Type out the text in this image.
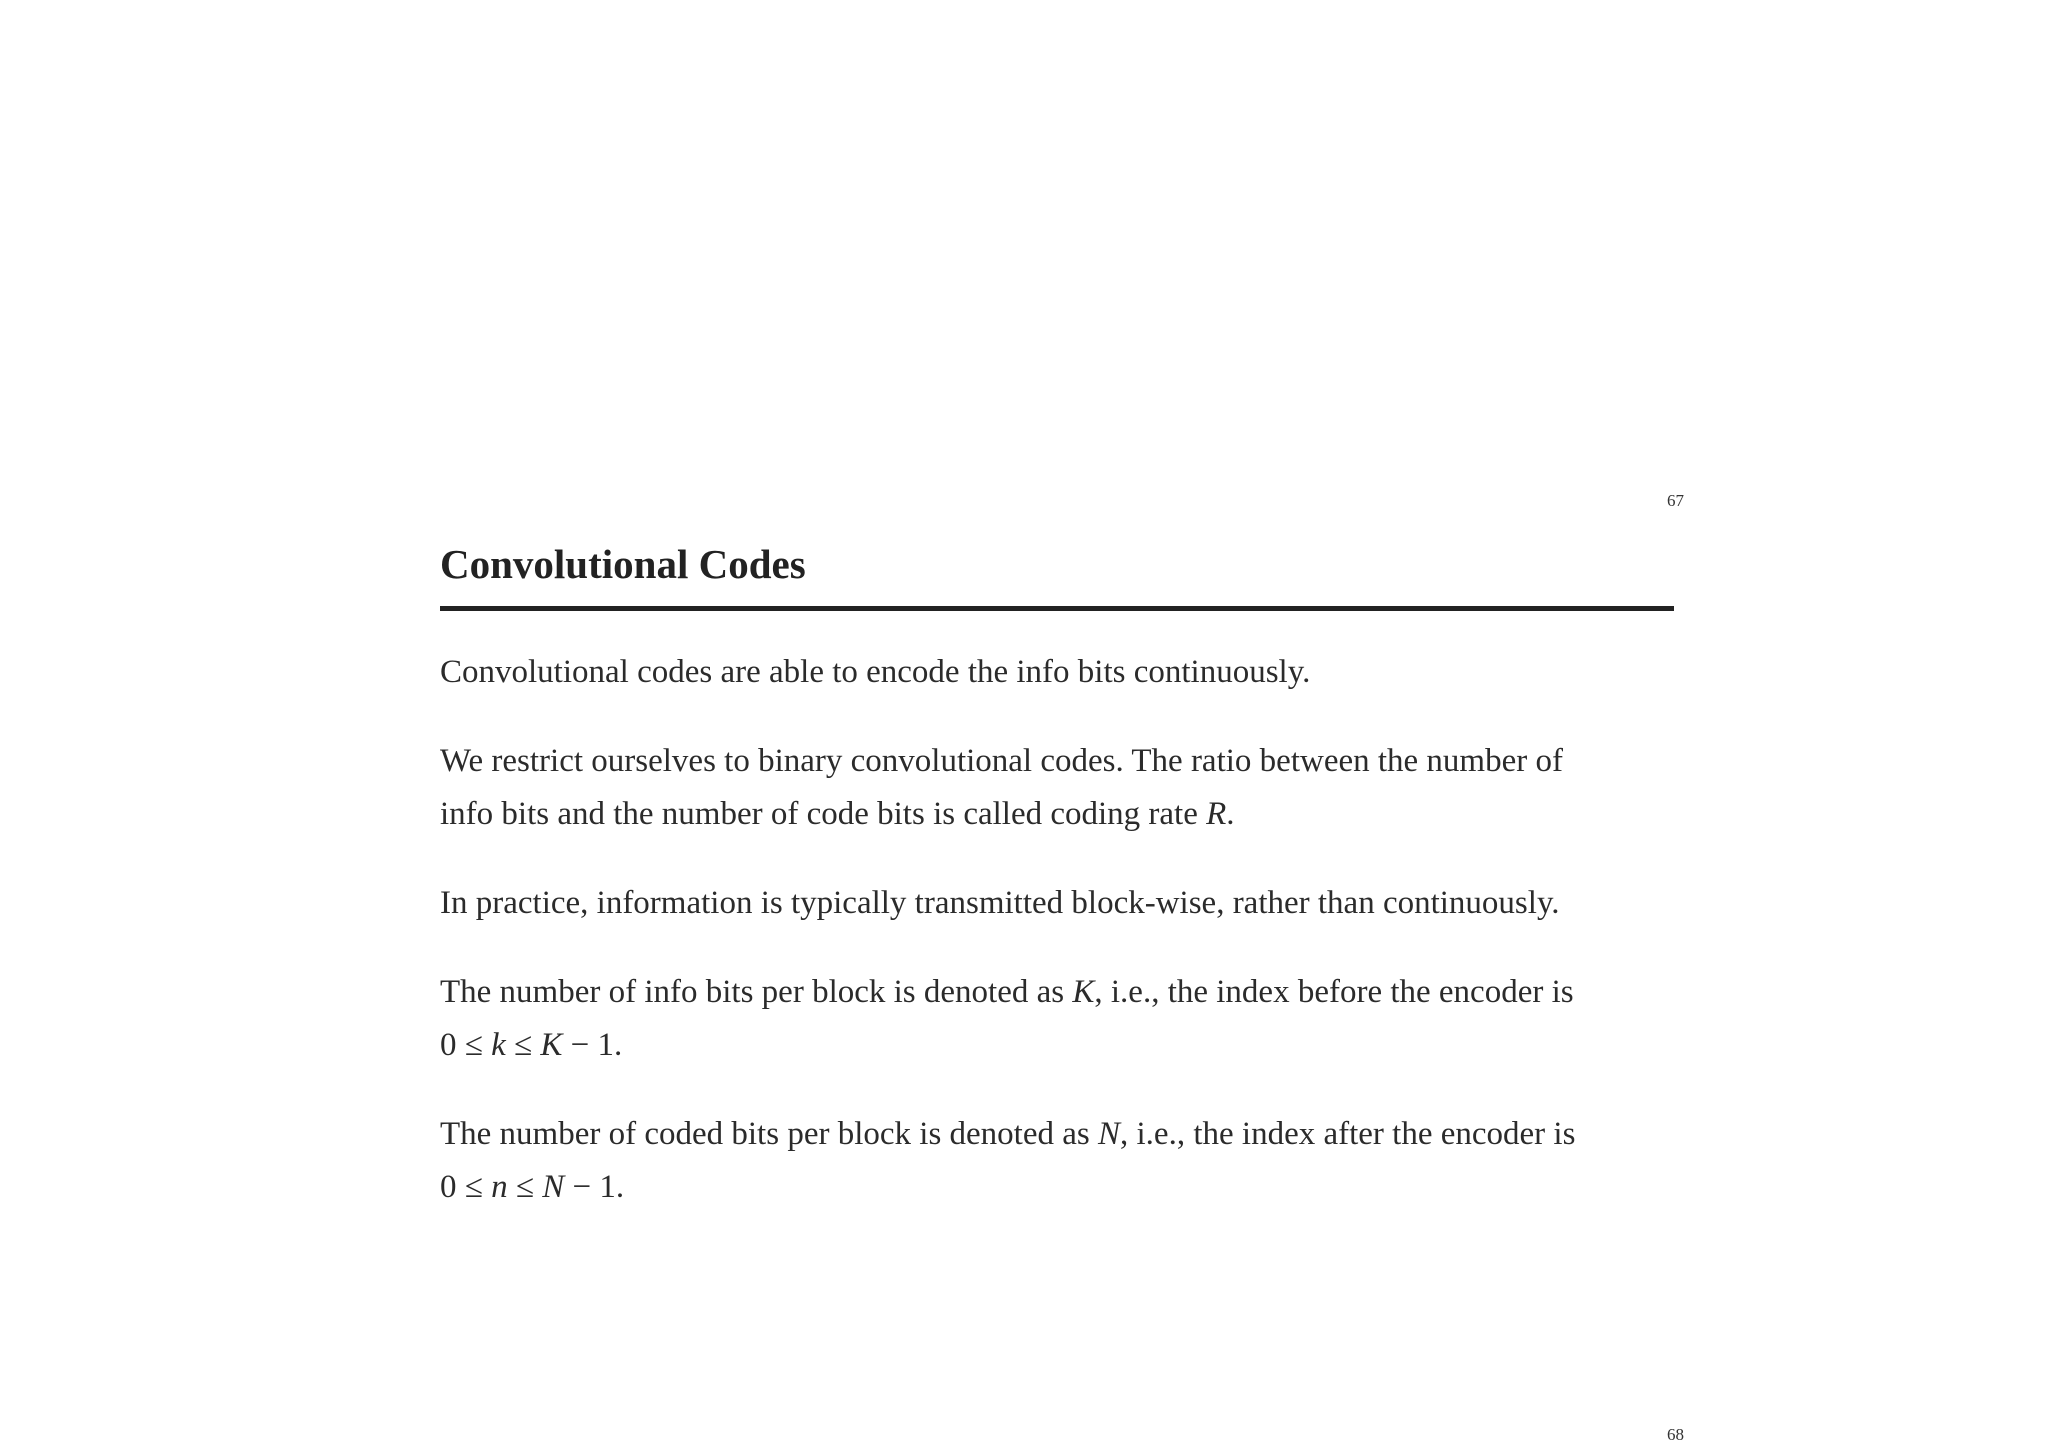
67
Convolutional Codes

Convolutional codes are able to encode the info bits continuously.

We restrict ourselves to binary convolutional codes. The ratio between the number of
info bits and the number of code bits is called coding rate R.

In practice, information is typically transmitted block-wise, rather than continuously.

The number of info bits per block is denoted as K, i.e., the index before the encoder is
0 ≤ k ≤ K − 1.

The number of coded bits per block is denoted as N, i.e., the index after the encoder is
0 ≤ n ≤ N − 1.

68
